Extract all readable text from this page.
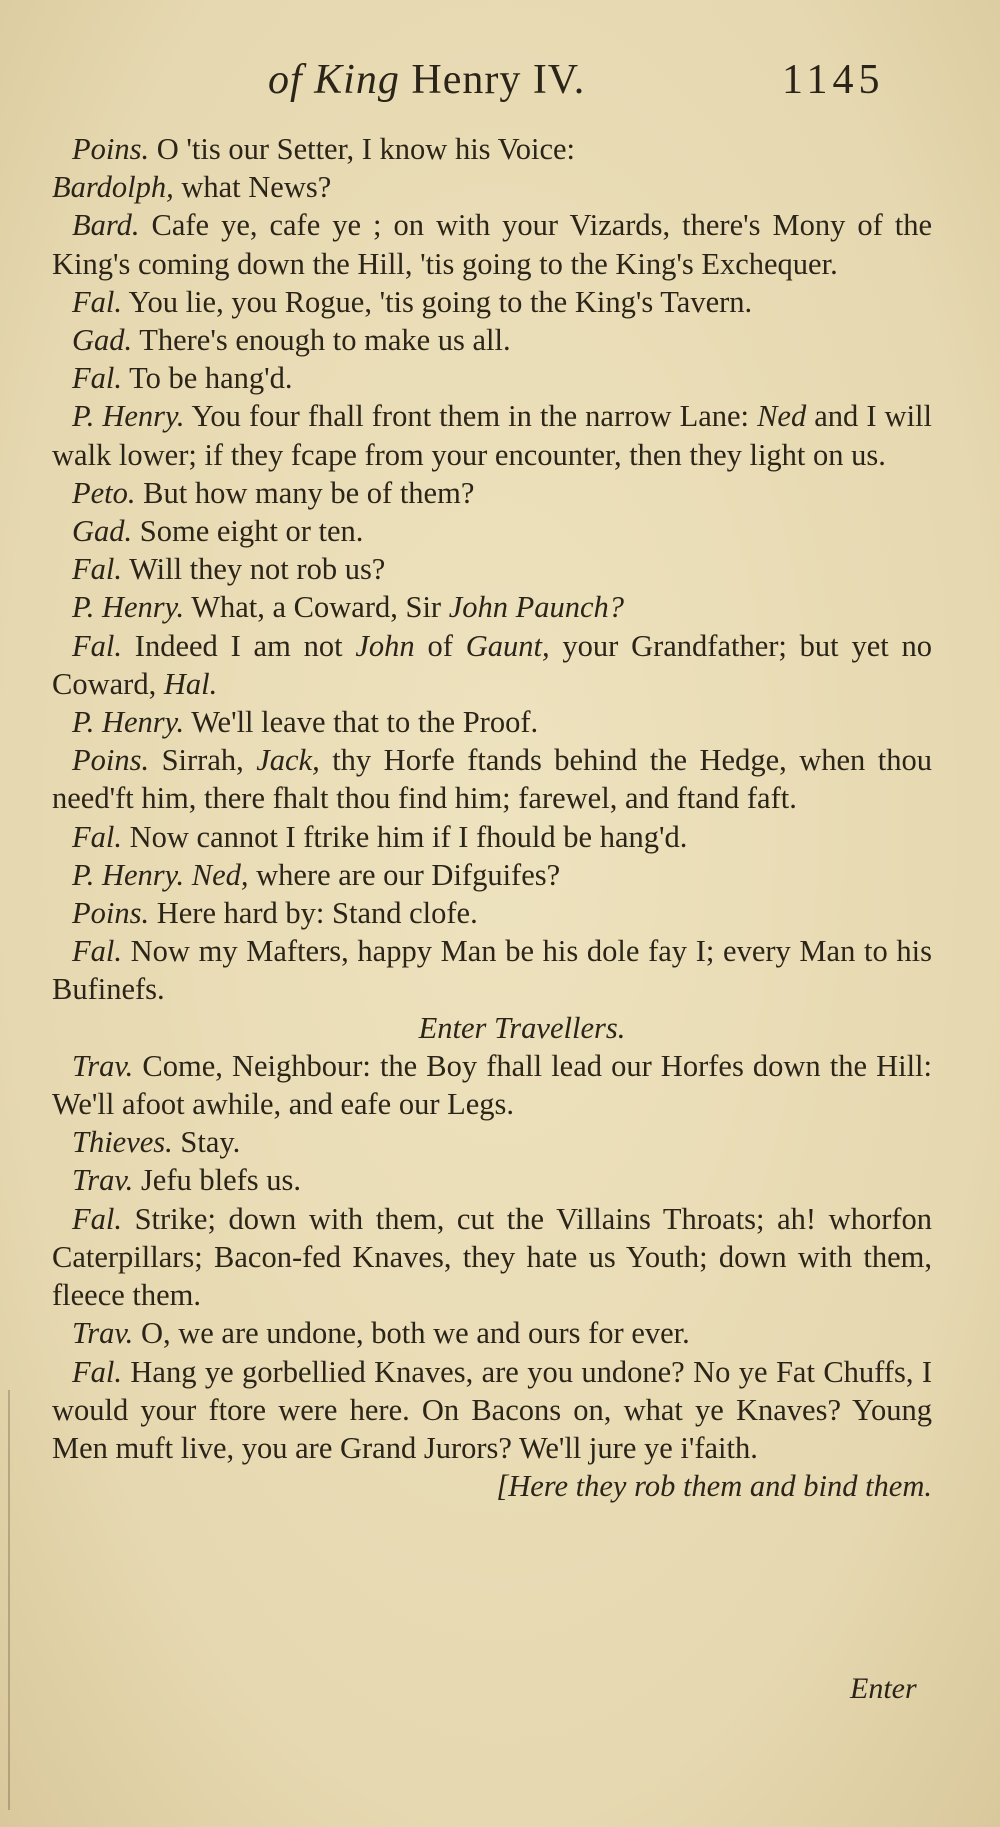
of King Henry IV.	1145
Poins. O 'tis our Setter, I know his Voice:
Bardolph, what News?
Bard. Cafe ye, cafe ye ; on with your Vizards, there's Mony of the King's coming down the Hill, 'tis going to the King's Exchequer.
Fal. You lie, you Rogue, 'tis going to the King's Tavern.
Gad. There's enough to make us all.
Fal. To be hang'd.
P. Henry. You four fhall front them in the narrow Lane: Ned and I will walk lower; if they fcape from your encounter, then they light on us.
Peto. But how many be of them?
Gad. Some eight or ten.
Fal. Will they not rob us?
P. Henry. What, a Coward, Sir John Paunch?
Fal. Indeed I am not John of Gaunt, your Grandfather; but yet no Coward, Hal.
P. Henry. We'll leave that to the Proof.
Poins. Sirrah, Jack, thy Horfe ftands behind the Hedge, when thou need'ft him, there fhalt thou find him; farewel, and ftand faft.
Fal. Now cannot I ftrike him if I fhould be hang'd.
P. Henry. Ned, where are our Difguifes?
Poins. Here hard by: Stand clofe.
Fal. Now my Mafters, happy Man be his dole fay I; every Man to his Bufinefs.
Enter Travellers.
Trav. Come, Neighbour: the Boy fhall lead our Horfes down the Hill: We'll afoot awhile, and eafe our Legs.
Thieves. Stay.
Trav. Jefu blefs us.
Fal. Strike; down with them, cut the Villains Throats; ah! whorfon Caterpillars; Bacon-fed Knaves, they hate us Youth; down with them, fleece them.
Trav. O, we are undone, both we and ours for ever.
Fal. Hang ye gorbellied Knaves, are you undone? No ye Fat Chuffs, I would your ftore were here. On Bacons on, what ye Knaves? Young Men muft live, you are Grand Jurors? We'll jure ye i'faith.
[Here they rob them and bind them.
Enter
